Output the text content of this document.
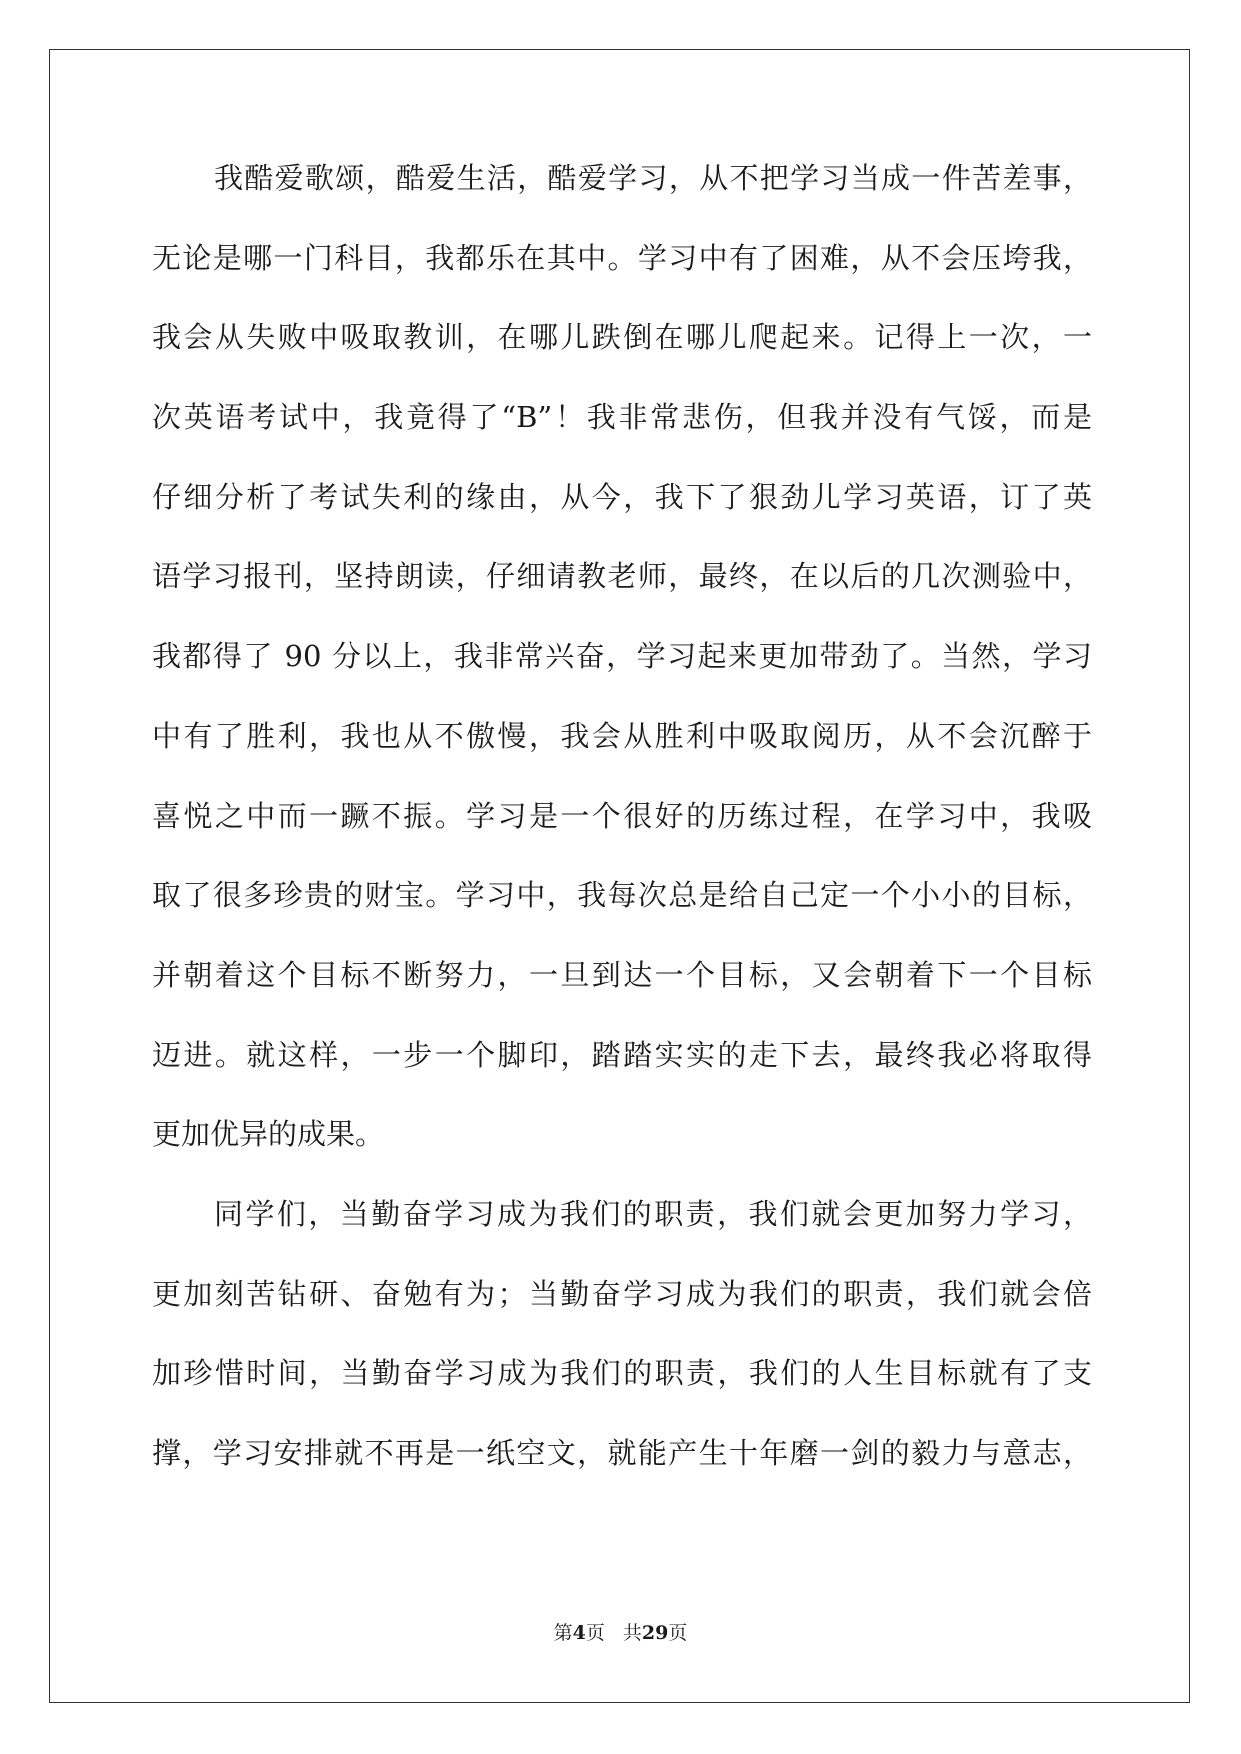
我酷爱歌颂，酷爱生活，酷爱学习，从不把学习当成一件苦差事，
无论是哪一门科目，我都乐在其中。学习中有了困难，从不会压垮我，
我会从失败中吸取教训，在哪儿跌倒在哪儿爬起来。记得上一次，一
次英语考试中，我竟得了“B”！我非常悲伤，但我并没有气馁，而是
仔细分析了考试失利的缘由，从今，我下了狠劲儿学习英语，订了英
语学习报刊，坚持朗读，仔细请教老师，最终，在以后的几次测验中，
我都得了 90 分以上，我非常兴奋，学习起来更加带劲了。当然，学习
中有了胜利，我也从不傲慢，我会从胜利中吸取阅历，从不会沉醉于
喜悦之中而一蹶不振。学习是一个很好的历练过程，在学习中，我吸
取了很多珍贵的财宝。学习中，我每次总是给自己定一个小小的目标，
并朝着这个目标不断努力，一旦到达一个目标，又会朝着下一个目标
迈进。就这样，一步一个脚印，踏踏实实的走下去，最终我必将取得
更加优异的成果。
同学们，当勤奋学习成为我们的职责，我们就会更加努力学习，
更加刻苦钻研、奋勉有为；当勤奋学习成为我们的职责，我们就会倍
加珍惜时间，当勤奋学习成为我们的职责，我们的人生目标就有了支
撑，学习安排就不再是一纸空文，就能产生十年磨一剑的毅力与意志，
第4页 共29页
